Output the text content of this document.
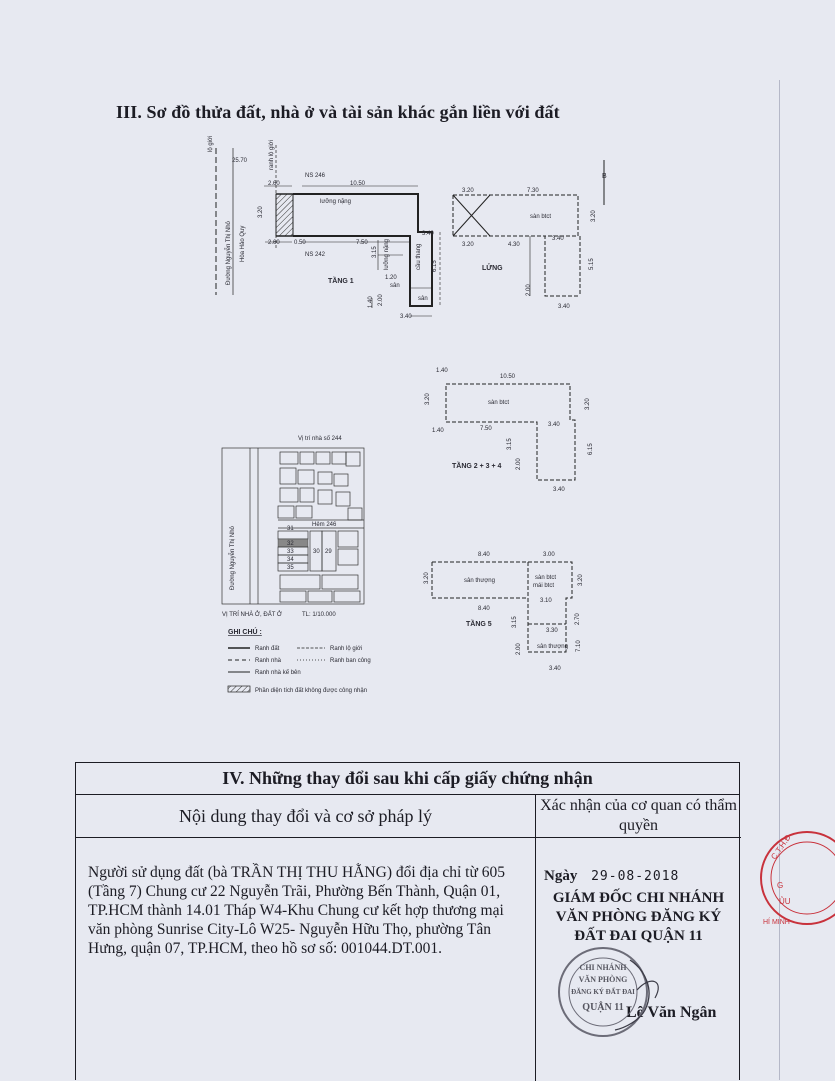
III. Sơ đồ thửa đất, nhà ở và tài sản khác gắn liền với đất
lộ giới
Đường Nguyễn Thị Nhỏ Hòa Hảo Quy
ranh lộ giới
25.70
NS 246
2.60	10.50
3.20
lưỡng nặng
2.60 0.50	7.50
3.40
NS 242	3.15 lưỡng nặng	cầu thang
1.20
6.15
TẦNG 1
sân
sân
1.40 2.00
3.40
B
3.20	7.30
sàn btct	3.20
3.20	4.30
3.40
LỬNG	5.15
2.00
3.40
1.40
10.50
3.20	sàn btct	3.20
1.40	7.50
3.40
3.15	6.15
TẦNG 2 + 3 + 4 2.00
3.40
Vị trí nhà số 244
Đường Nguyễn Thị Nhỏ
Hẻm 246
31
32
33
34
35
30 29
VỊ TRÍ NHÀ Ở, ĐẤT Ở	TL: 1/10.000
8.40	3.00
3.20	sân thượng	sàn btct
mái btct	3.20
3.10
8.40
3.15	2.70
TẦNG 5
3.30
sân thượng
2.00	7.10
3.40
GHI CHÚ :
Ranh đất	Ranh lộ giới
Ranh nhà	Ranh ban công
Ranh nhà kế bên
Phần diện tích đất không được công nhận
IV. Những thay đổi sau khi cấp giấy chứng nhận
Nội dung thay đổi và cơ sở pháp lý
Xác nhận của cơ quan có thẩm quyền
Người sử dụng đất (bà TRẦN THỊ THU HẰNG) đổi địa chỉ từ 605 (Tầng 7) Chung cư 22 Nguyễn Trãi, Phường Bến Thành, Quận 01, TP.HCM thành 14.01 Tháp W4-Khu Chung cư kết hợp thương mại văn phòng Sunrise City-Lô W25- Nguyễn Hữu Thọ, phường Tân Hưng, quận 07, TP.HCM, theo hồ sơ số: 001044.DT.001.
Ngày 29-08-2018
GIÁM ĐỐC CHI NHÁNH
VĂN PHÒNG ĐĂNG KÝ
ĐẤT ĐAI QUẬN 11
Lê Văn Ngân
CHI NHÁNH
VĂN PHÒNG
ĐĂNG KÝ ĐẤT ĐAI
QUẬN 11
C.T.H.Đ
G
ỦU
HÍ MINH
